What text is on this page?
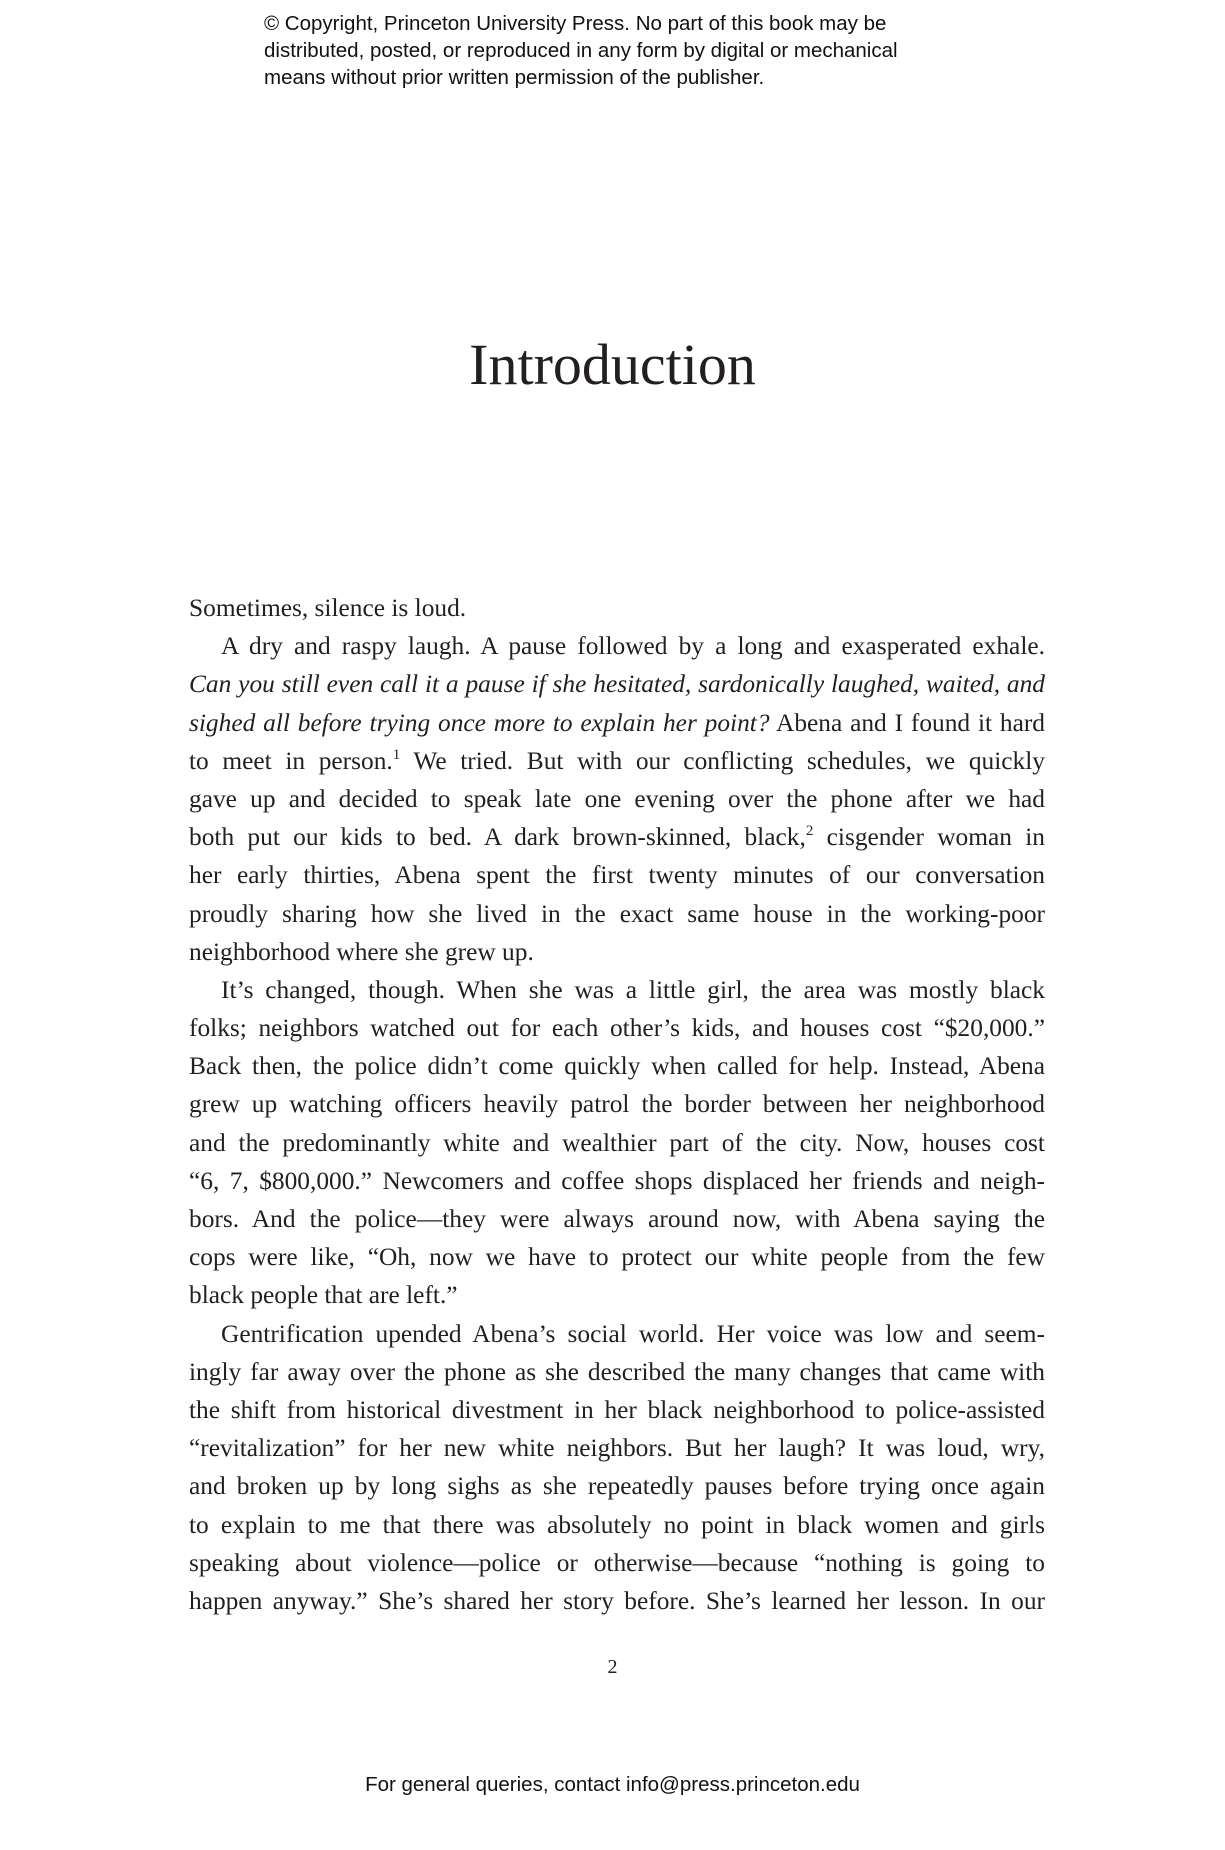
© Copyright, Princeton University Press. No part of this book may be
distributed, posted, or reproduced in any form by digital or mechanical
means without prior written permission of the publisher.
Introduction
Sometimes, silence is loud.
A dry and raspy laugh. A pause followed by a long and exasperated exhale.
Can you still even call it a pause if she hesitated, sardonically laughed, waited, and
sighed all before trying once more to explain her point? Abena and I found it hard
to meet in person.$^1$ We tried. But with our conflicting schedules, we quickly
gave up and decided to speak late one evening over the phone after we had
both put our kids to bed. A dark brown-skinned, black,$^2$ cisgender woman in
her early thirties, Abena spent the first twenty minutes of our conversation
proudly sharing how she lived in the exact same house in the working-poor
neighborhood where she grew up.
It’s changed, though. When she was a little girl, the area was mostly black
folks; neighbors watched out for each other’s kids, and houses cost “$20,000.”
Back then, the police didn’t come quickly when called for help. Instead, Abena
grew up watching officers heavily patrol the border between her neighborhood
and the predominantly white and wealthier part of the city. Now, houses cost
“6, 7, $800,000.” Newcomers and coffee shops displaced her friends and neigh-
bors. And the police—they were always around now, with Abena saying the
cops were like, “Oh, now we have to protect our white people from the few
black people that are left.”
Gentrification upended Abena’s social world. Her voice was low and seem-
ingly far away over the phone as she described the many changes that came with
the shift from historical divestment in her black neighborhood to police-assisted
“revitalization” for her new white neighbors. But her laugh? It was loud, wry,
and broken up by long sighs as she repeatedly pauses before trying once again
to explain to me that there was absolutely no point in black women and girls
speaking about violence—police or otherwise—because “nothing is going to
happen anyway.” She’s shared her story before. She’s learned her lesson. In our
2
For general queries, contact info@press.princeton.edu
